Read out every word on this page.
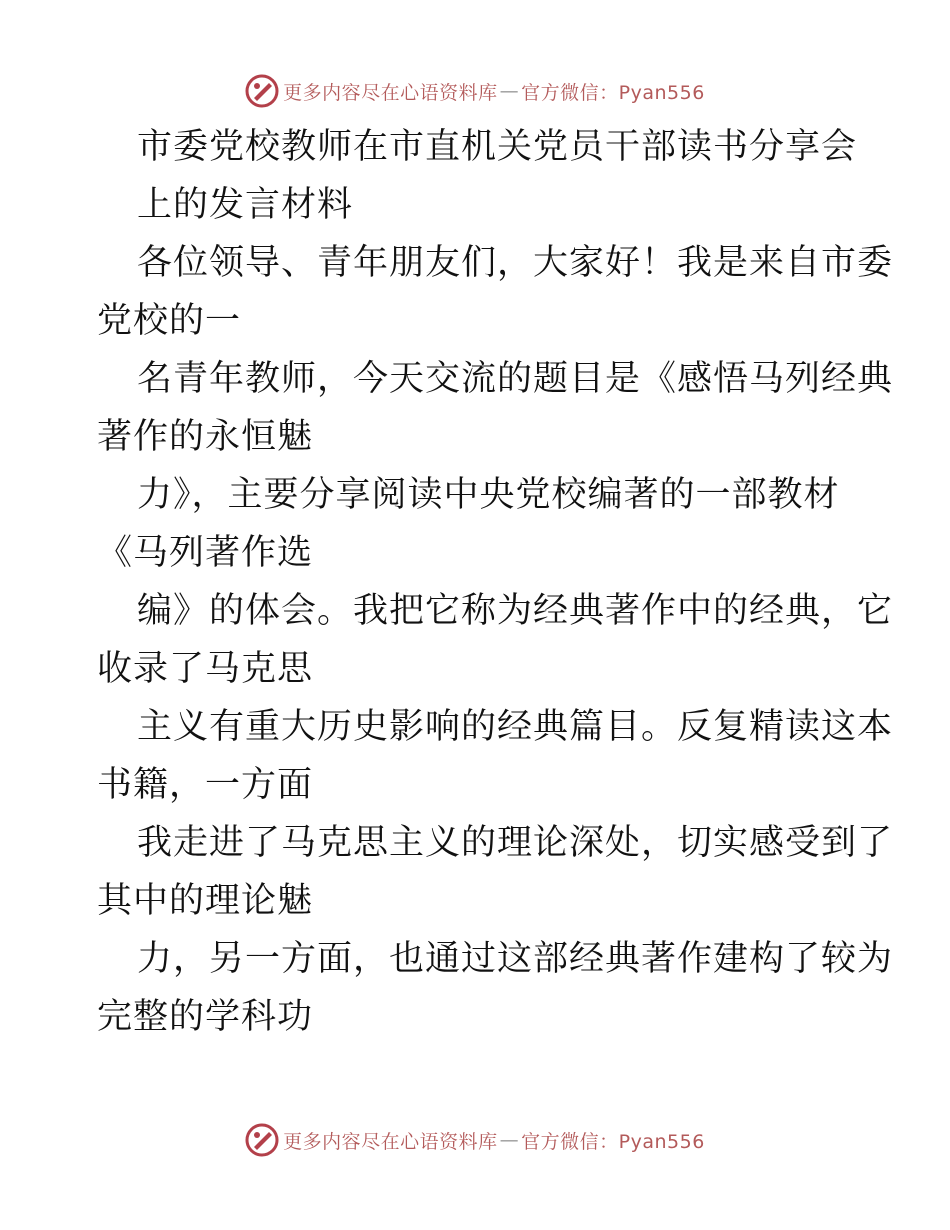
更多内容尽在心语资料库 — 官方微信：Pyan556
市委党校教师在市直机关党员干部读书分享会
上的发言材料
各位领导、青年朋友们，大家好！我是来自市委
党校的一
名青年教师，今天交流的题目是《感悟马列经典
著作的永恒魅
力》，主要分享阅读中央党校编著的一部教材
《马列著作选
编》的体会。我把它称为经典著作中的经典，它
收录了马克思
主义有重大历史影响的经典篇目。反复精读这本
书籍，一方面
我走进了马克思主义的理论深处，切实感受到了
其中的理论魅
力，另一方面，也通过这部经典著作建构了较为
完整的学科功
更多内容尽在心语资料库 — 官方微信：Pyan556
